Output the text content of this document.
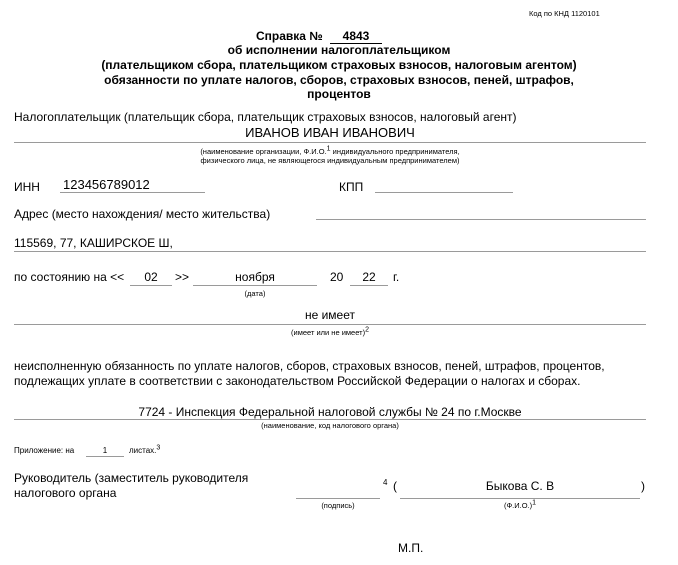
Код по КНД 1120101
Справка №	4843
об исполнении налогоплательщиком
(плательщиком сбора, плательщиком страховых взносов, налоговым агентом)
обязанности по уплате налогов, сборов, страховых взносов, пеней, штрафов,
процентов
Налогоплательщик (плательщик сбора, плательщик страховых взносов, налоговый агент)
ИВАНОВ ИВАН ИВАНОВИЧ
(наименование организации, Ф.И.О.$^1$ индивидуального предпринимателя,
физического лица, не являющегося индивидуальным предпринимателем)
ИНН 123456789012	КПП
Адрес (место нахождения/ место жительства)
115569, 77, КАШИРСКОЕ Ш,
по состоянию на <<	02	>>	ноября	20	22	г.
(дата)
не имеет
(имеет или не имеет)$^2$
неисполненную обязанность по уплате налогов, сборов, страховых взносов, пеней, штрафов, процентов,
подлежащих уплате в соответствии с законодательством Российской Федерации о налогах и сборах.
7724 - Инспекция Федеральной налоговой службы № 24 по г.Москве
(наименование, код налогового органа)
Приложение: на	1	листах.$^3$
Руководитель (заместитель руководителя
налогового органа
4 (	Быкова С. В	)
(подпись)	$(Ф.И.О.)^1$
М.П.
